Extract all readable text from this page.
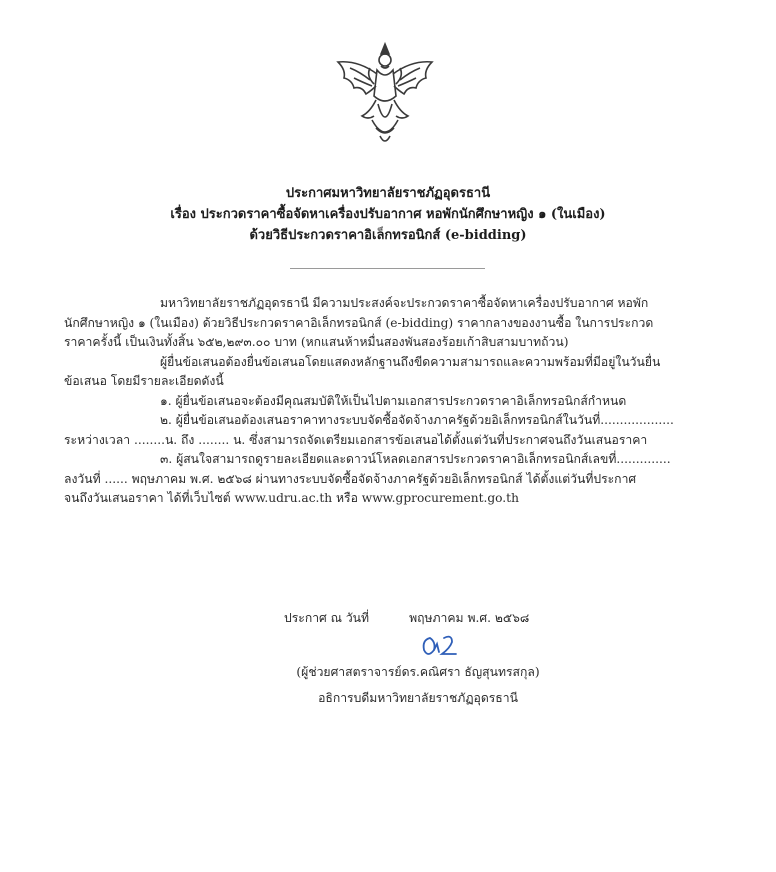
ประกาศมหาวิทยาลัยราชภัฏอุดรธานี
เรื่อง ประกวดราคาซื้อจัดหาเครื่องปรับอากาศ หอพักนักศึกษาหญิง ๑ (ในเมือง)
ด้วยวิธีประกวดราคาอิเล็กทรอนิกส์ (e-bidding)
มหาวิทยาลัยราชภัฏอุดรธานี มีความประสงค์จะประกวดราคาซื้อจัดหาเครื่องปรับอากาศ หอพัก
นักศึกษาหญิง ๑ (ในเมือง) ด้วยวิธีประกวดราคาอิเล็กทรอนิกส์ (e-bidding) ราคากลางของงานซื้อ ในการประกวด
ราคาครั้งนี้ เป็นเงินทั้งสิ้น ๖๕๒,๒๙๓.๐๐ บาท (หกแสนห้าหมื่นสองพันสองร้อยเก้าสิบสามบาทถ้วน)
ผู้ยื่นข้อเสนอต้องยื่นข้อเสนอโดยแสดงหลักฐานถึงขีดความสามารถและความพร้อมที่มีอยู่ในวันยื่น
ข้อเสนอ โดยมีรายละเอียดดังนี้
๑. ผู้ยื่นข้อเสนอจะต้องมีคุณสมบัติให้เป็นไปตามเอกสารประกวดราคาอิเล็กทรอนิกส์กำหนด
๒. ผู้ยื่นข้อเสนอต้องเสนอราคาทางระบบจัดซื้อจัดจ้างภาครัฐด้วยอิเล็กทรอนิกส์ในวันที่...................
ระหว่างเวลา ........น. ถึง ........ น. ซึ่งสามารถจัดเตรียมเอกสารข้อเสนอได้ตั้งแต่วันที่ประกาศจนถึงวันเสนอราคา
๓. ผู้สนใจสามารถดูรายละเอียดและดาวน์โหลดเอกสารประกวดราคาอิเล็กทรอนิกส์เลขที่..............
ลงวันที่ ...... พฤษภาคม พ.ศ. ๒๕๖๘ ผ่านทางระบบจัดซื้อจัดจ้างภาครัฐด้วยอิเล็กทรอนิกส์ ได้ตั้งแต่วันที่ประกาศ
จนถึงวันเสนอราคา ได้ที่เว็บไซต์ www.udru.ac.th หรือ www.gprocurement.go.th
ประกาศ ณ วันที่	พฤษภาคม พ.ศ. ๒๕๖๘
(ผู้ช่วยศาสตราจารย์ดร.คณิศรา ธัญสุนทรสกุล)
อธิการบดีมหาวิทยาลัยราชภัฏอุดรธานี
